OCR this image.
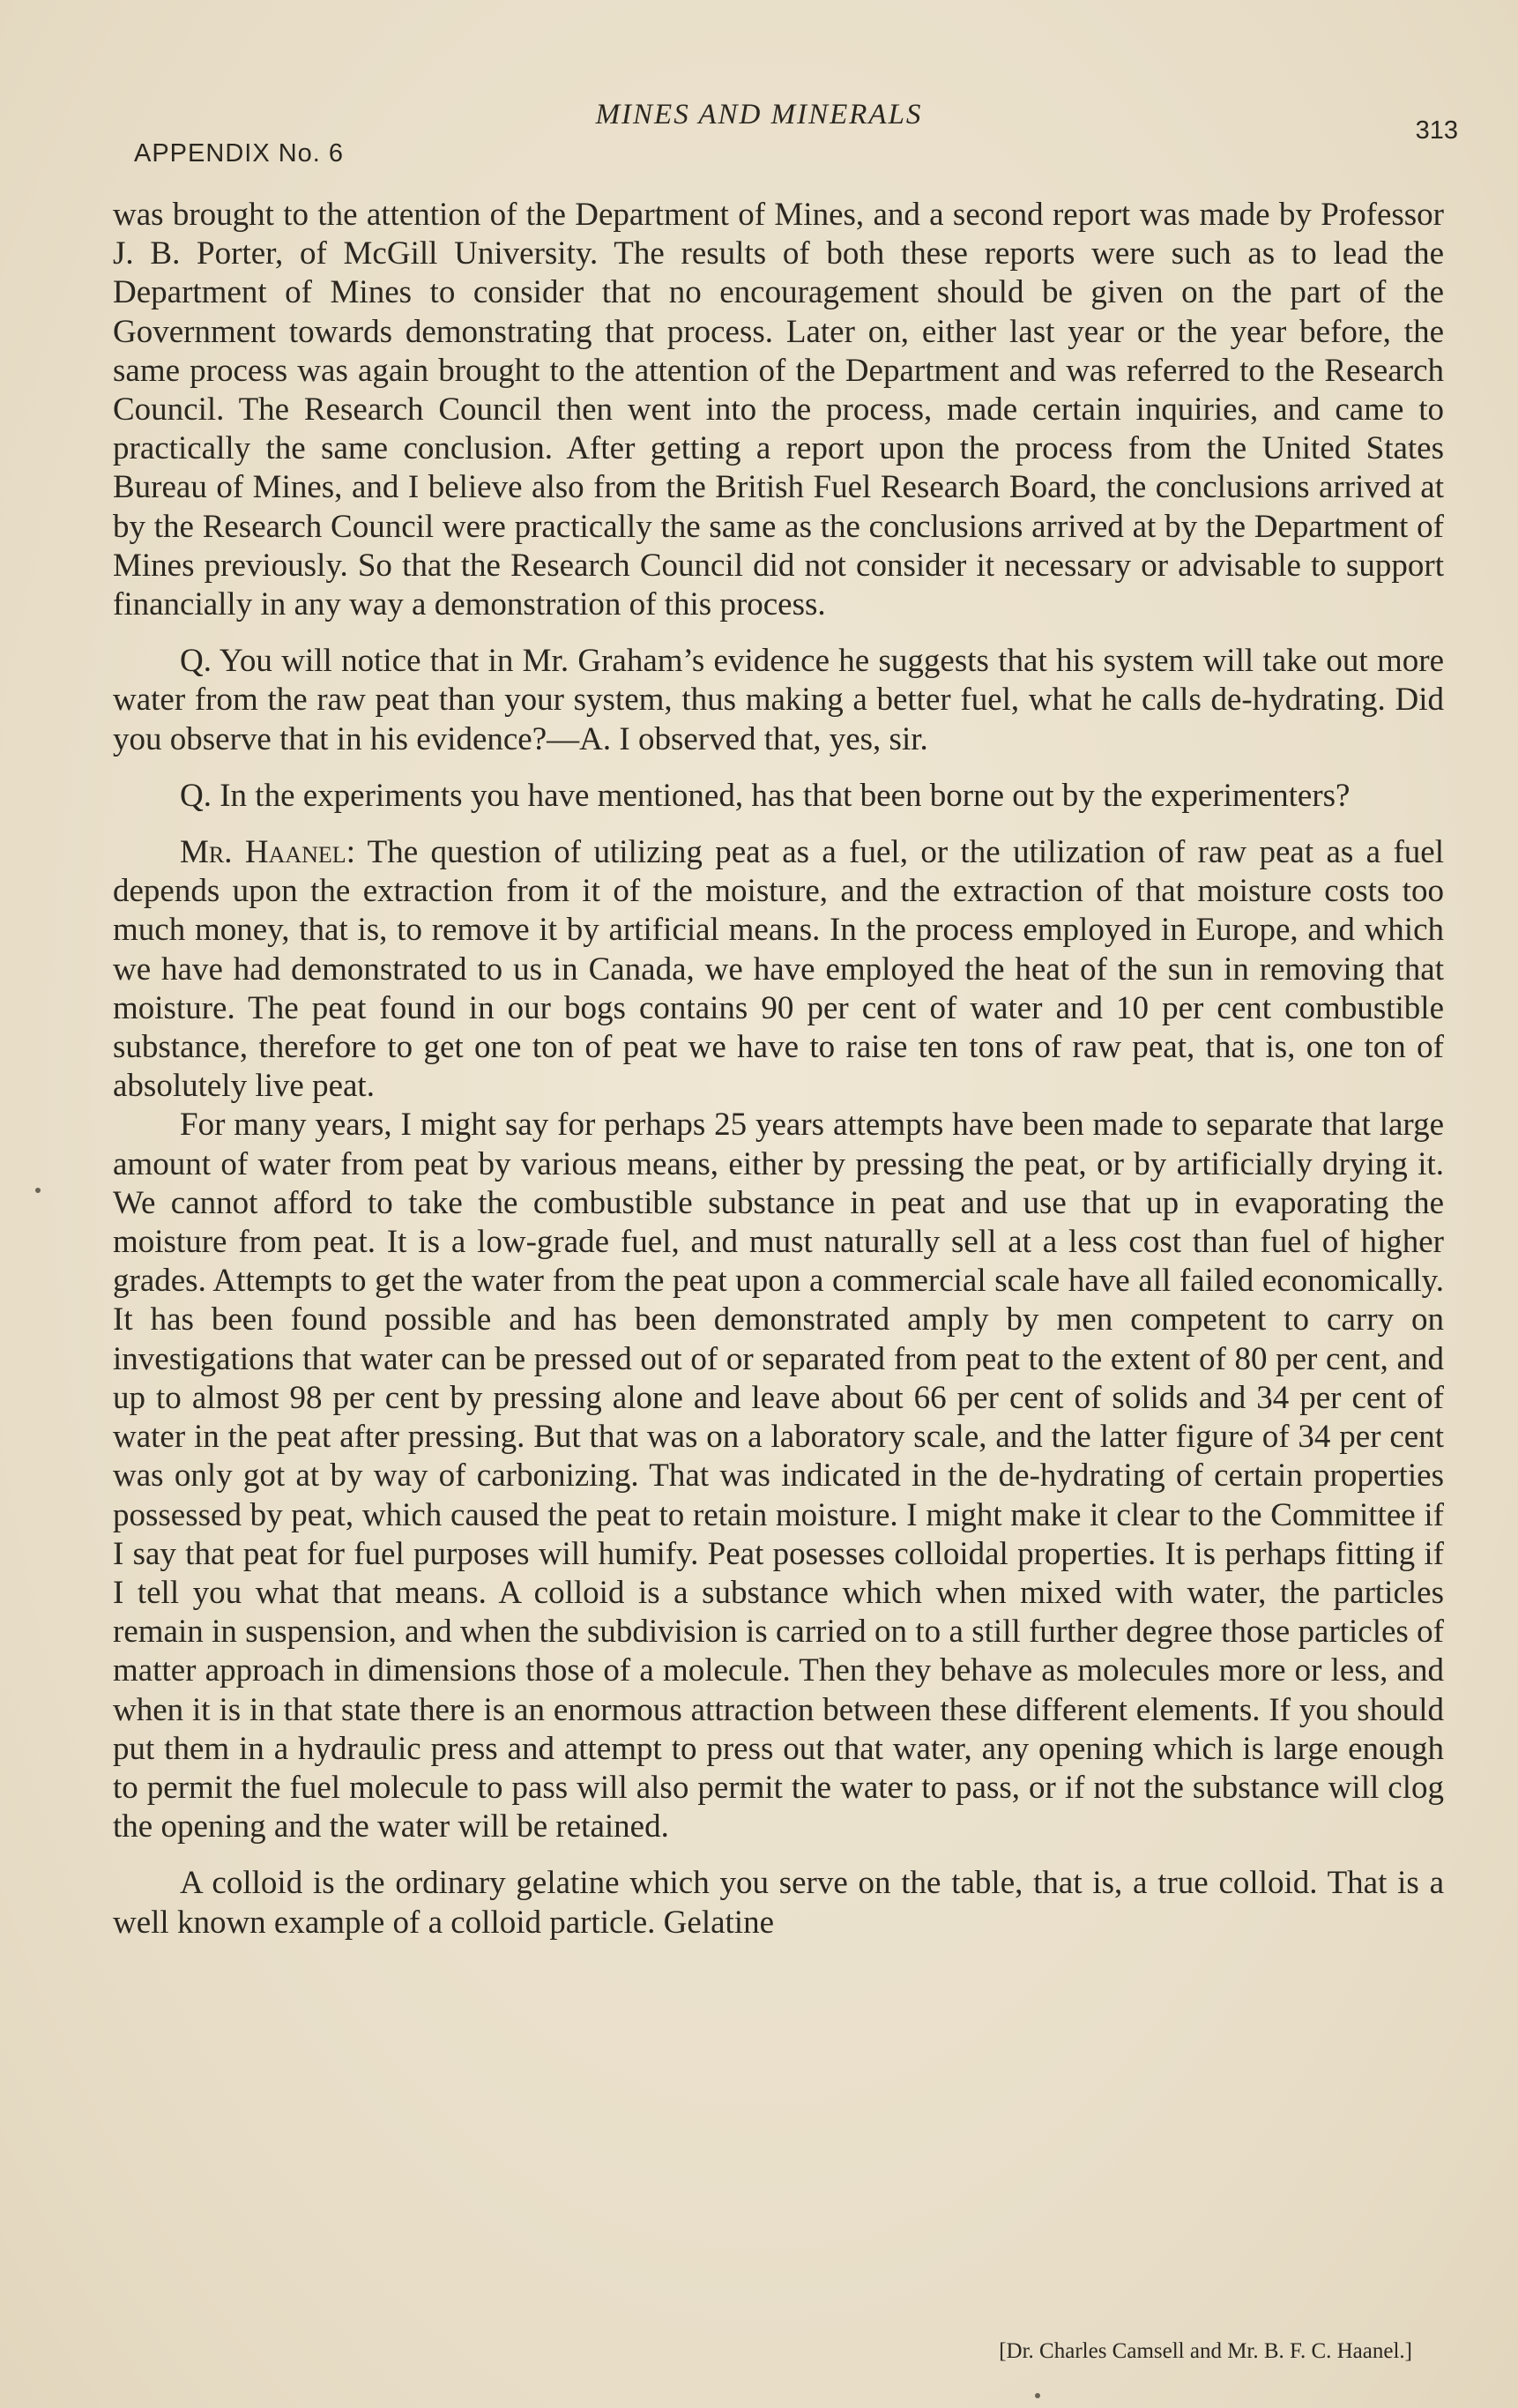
MINES AND MINERALS
APPENDIX No. 6
313

was brought to the attention of the Department of Mines, and a second report was made by Professor J. B. Porter, of McGill University. The results of both these reports were such as to lead the Department of Mines to consider that no encouragement should be given on the part of the Government towards demonstrating that process. Later on, either last year or the year before, the same process was again brought to the attention of the Department and was referred to the Research Council. The Research Council then went into the process, made certain inquiries, and came to practically the same conclusion. After getting a report upon the process from the United States Bureau of Mines, and I believe also from the British Fuel Research Board, the conclusions arrived at by the Research Council were practically the same as the conclusions arrived at by the Department of Mines previously. So that the Research Council did not consider it necessary or advisable to support financially in any way a demonstration of this process.

Q. You will notice that in Mr. Graham’s evidence he suggests that his system will take out more water from the raw peat than your system, thus making a better fuel, what he calls de-hydrating. Did you observe that in his evidence?—A. I observed that, yes, sir.

Q. In the experiments you have mentioned, has that been borne out by the experimenters?

Mr. Haanel: The question of utilizing peat as a fuel, or the utilization of raw peat as a fuel depends upon the extraction from it of the moisture, and the extraction of that moisture costs too much money, that is, to remove it by artificial means. In the process employed in Europe, and which we have had demonstrated to us in Canada, we have employed the heat of the sun in removing that moisture. The peat found in our bogs contains 90 per cent of water and 10 per cent combustible substance, therefore to get one ton of peat we have to raise ten tons of raw peat, that is, one ton of absolutely live peat.

For many years, I might say for perhaps 25 years attempts have been made to separate that large amount of water from peat by various means, either by pressing the peat, or by artificially drying it. We cannot afford to take the combustible substance in peat and use that up in evaporating the moisture from peat. It is a low-grade fuel, and must naturally sell at a less cost than fuel of higher grades. Attempts to get the water from the peat upon a commercial scale have all failed economically. It has been found possible and has been demonstrated amply by men competent to carry on investigations that water can be pressed out of or separated from peat to the extent of 80 per cent, and up to almost 98 per cent by pressing alone and leave about 66 per cent of solids and 34 per cent of water in the peat after pressing. But that was on a laboratory scale, and the latter figure of 34 per cent was only got at by way of carbonizing. That was indicated in the de-hydrating of certain properties possessed by peat, which caused the peat to retain moisture. I might make it clear to the Committee if I say that peat for fuel purposes will humify. Peat posesses colloidal properties. It is perhaps fitting if I tell you what that means. A colloid is a substance which when mixed with water, the particles remain in suspension, and when the subdivision is carried on to a still further degree those particles of matter approach in dimensions those of a molecule. Then they behave as molecules more or less, and when it is in that state there is an enormous attraction between these different elements. If you should put them in a hydraulic press and attempt to press out that water, any opening which is large enough to permit the fuel molecule to pass will also permit the water to pass, or if not the substance will clog the opening and the water will be retained.

A colloid is the ordinary gelatine which you serve on the table, that is, a true colloid. That is a well known example of a colloid particle. Gelatine

[Dr. Charles Camsell and Mr. B. F. C. Haanel.]
